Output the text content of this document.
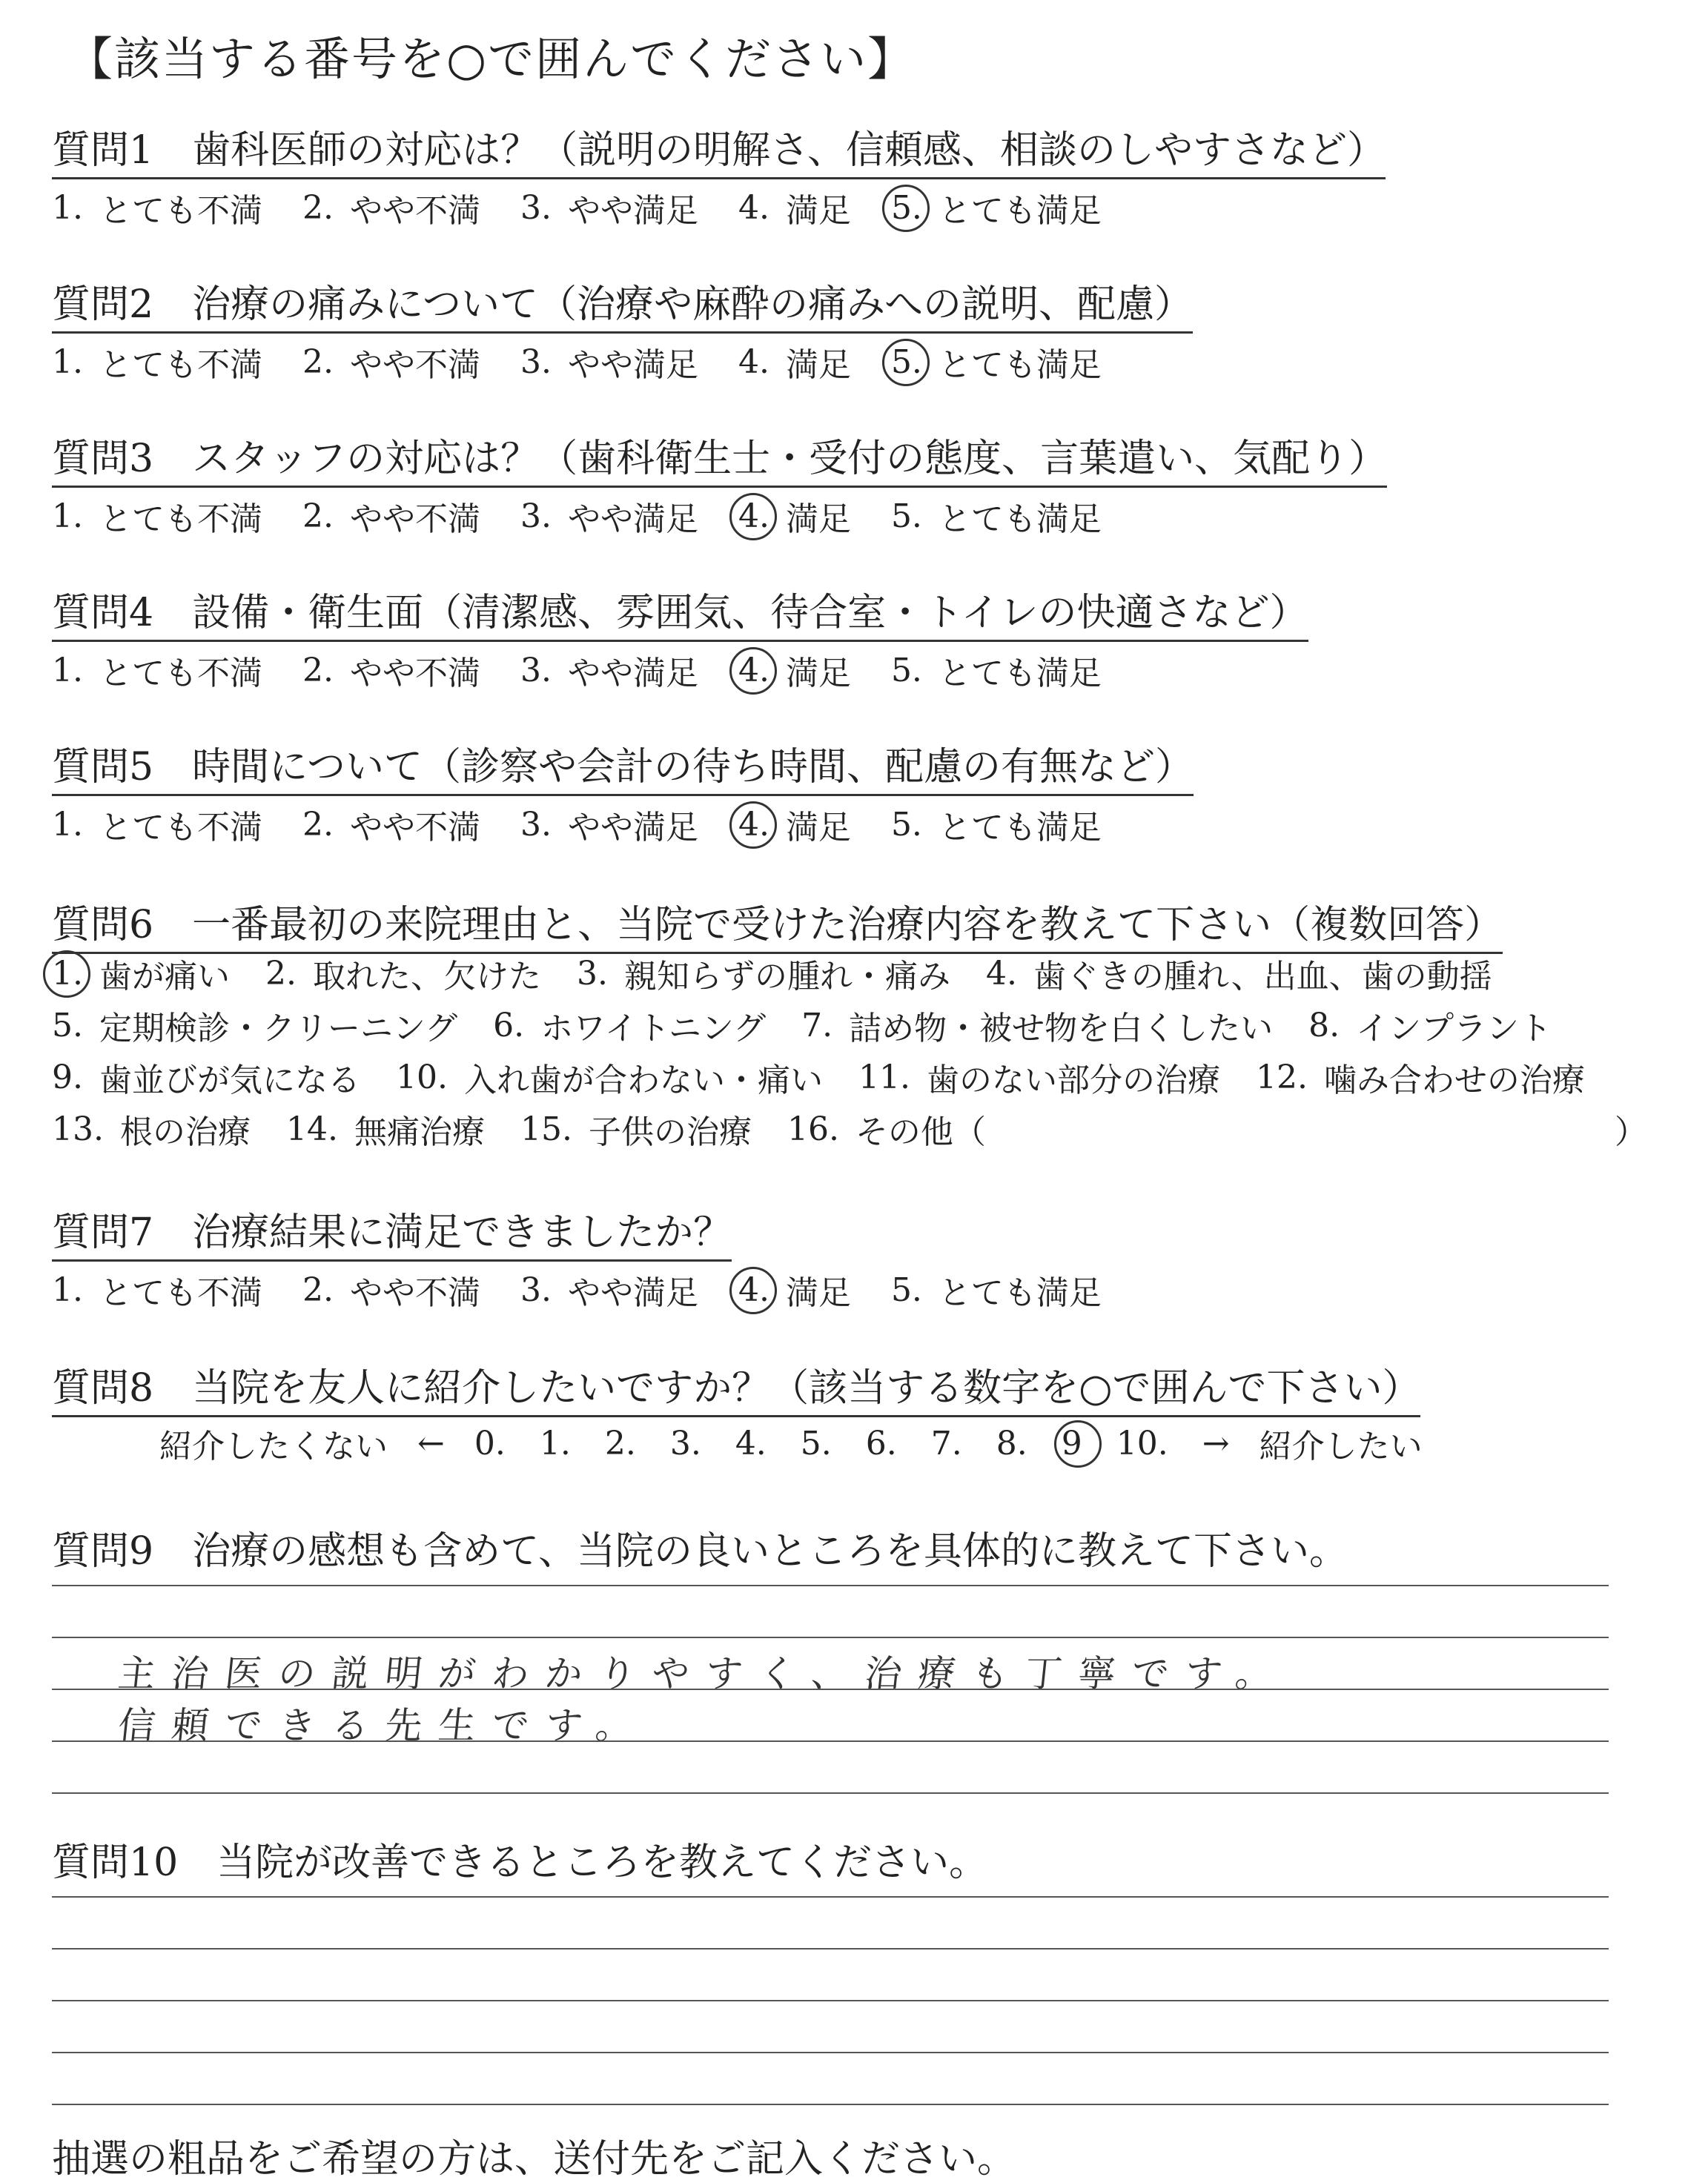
【該当する番号を○で囲んでください】
質問1　歯科医師の対応は？（説明の明解さ、信頼感、相談のしやすさなど）
1. とても不満 2. やや不満 3. やや満足 4. 満足 5. とても満足
質問2　治療の痛みについて（治療や麻酔の痛みへの説明、配慮）
1. とても不満 2. やや不満 3. やや満足 4. 満足 5. とても満足
質問3　スタッフの対応は？（歯科衛生士・受付の態度、言葉遣い、気配り）
1. とても不満 2. やや不満 3. やや満足 4. 満足 5. とても満足
質問4　設備・衛生面（清潔感、雰囲気、待合室・トイレの快適さなど）
1. とても不満 2. やや不満 3. やや満足 4. 満足 5. とても満足
質問5　時間について（診察や会計の待ち時間、配慮の有無など）
1. とても不満 2. やや不満 3. やや満足 4. 満足 5. とても満足
質問6　一番最初の来院理由と、当院で受けた治療内容を教えて下さい（複数回答）
1. 歯が痛い 2. 取れた、欠けた 3. 親知らずの腫れ・痛み 4. 歯ぐきの腫れ、出血、歯の動揺
5. 定期検診・クリーニング 6. ホワイトニング 7. 詰め物・被せ物を白くしたい 8. インプラント
9. 歯並びが気になる 10. 入れ歯が合わない・痛い 11. 歯のない部分の治療 12. 噛み合わせの治療
13. 根の治療 14. 無痛治療 15. 子供の治療 16. その他（	）
質問7　治療結果に満足できましたか？
1. とても不満 2. やや不満 3. やや満足 4. 満足 5. とても満足
質問8　当院を友人に紹介したいですか？（該当する数字を○で囲んで下さい）
紹介したくない ← 0. 1. 2. 3. 4. 5. 6. 7. 8. 9 10. → 紹介したい
質問9　治療の感想も含めて、当院の良いところを具体的に教えて下さい。
主治医の説明がわかりやすく、治療も丁寧です。
信頼できる先生です。
質問10　当院が改善できるところを教えてください。
抽選の粗品をご希望の方は、送付先をご記入ください。
